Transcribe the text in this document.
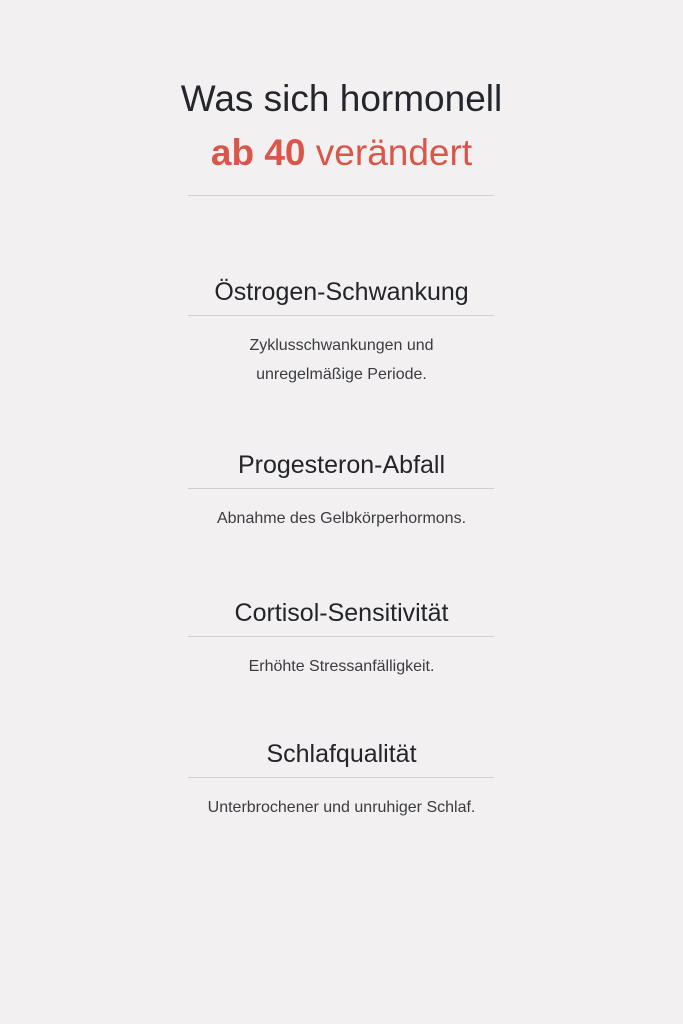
Was sich hormonell
ab 40 verändert
Östrogen-Schwankung

Zyklusschwankungen und
unregelmäßige Periode.

Progesteron-Abfall

Abnahme des Gelbkörperhormons.

Cortisol-Sensitivität

Erhöhte Stressanfälligkeit.

Schlafqualität

Unterbrochener und unruhiger Schlaf.
